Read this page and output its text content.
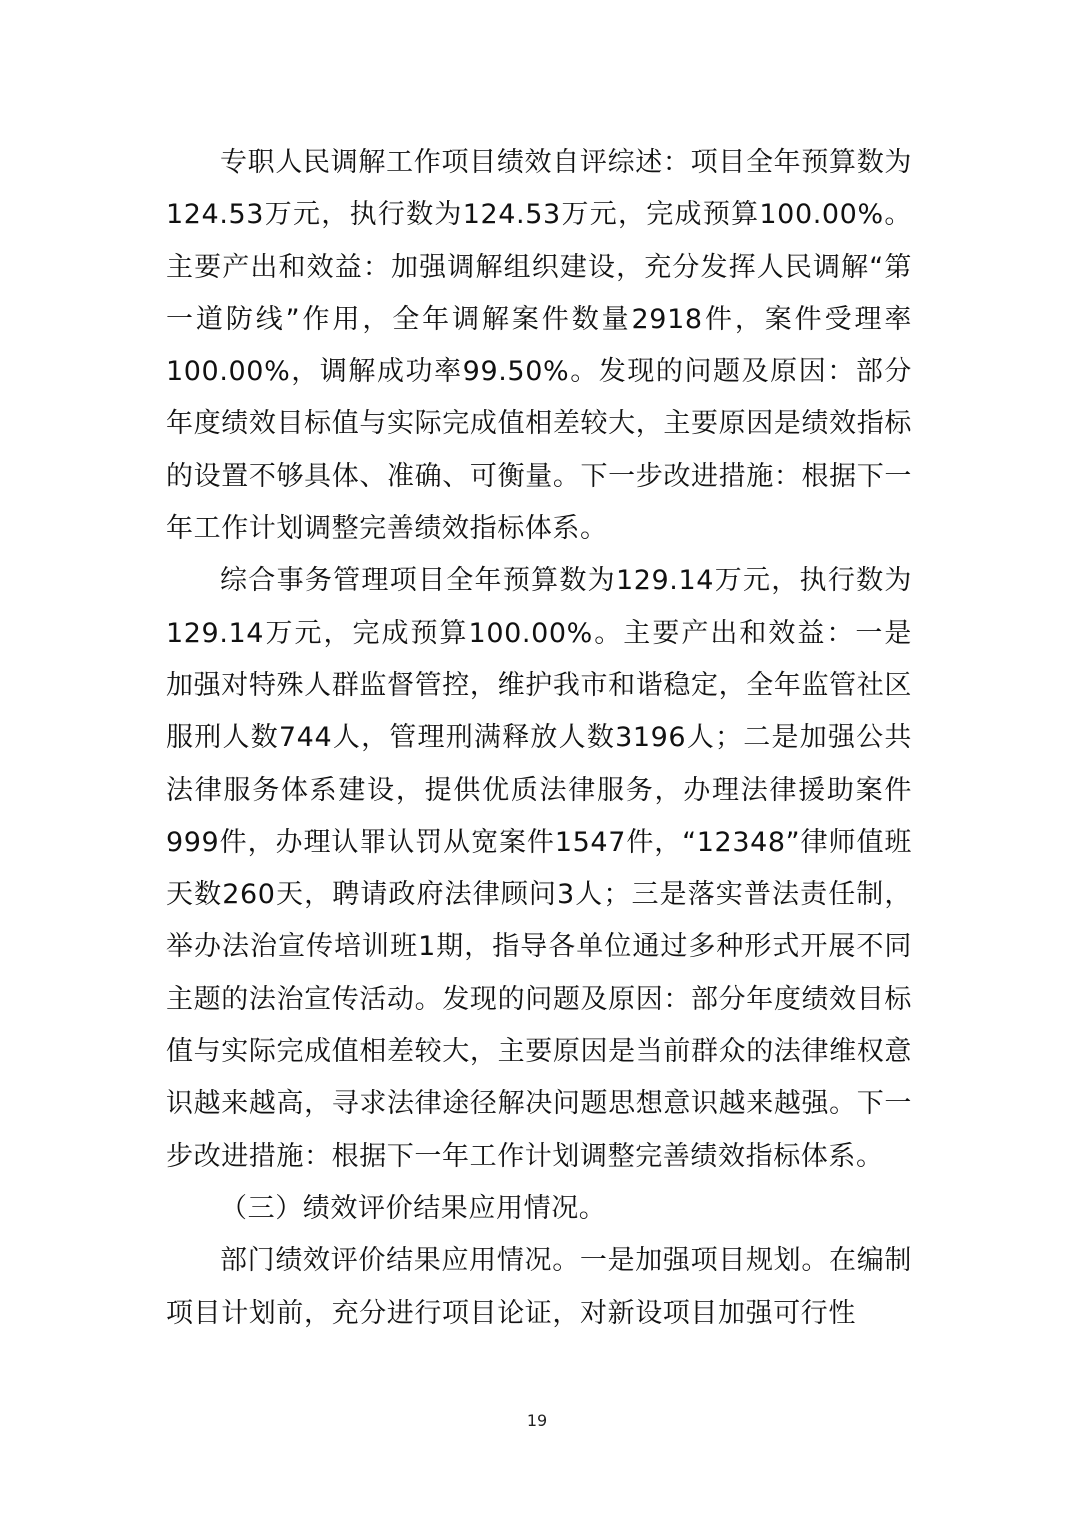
专职人民调解工作项目绩效自评综述：项目全年预算数为124.53万元，执行数为124.53万元，完成预算100.00%。主要产出和效益：加强调解组织建设，充分发挥人民调解“第一道防线”作用，全年调解案件数量2918件，案件受理率100.00%，调解成功率99.50%。发现的问题及原因：部分年度绩效目标值与实际完成值相差较大，主要原因是绩效指标的设置不够具体、准确、可衡量。下一步改进措施：根据下一年工作计划调整完善绩效指标体系。

综合事务管理项目全年预算数为129.14万元，执行数为129.14万元，完成预算100.00%。主要产出和效益：一是加强对特殊人群监督管控，维护我市和谐稳定，全年监管社区服刑人数744人，管理刑满释放人数3196人；二是加强公共法律服务体系建设，提供优质法律服务，办理法律援助案件999件，办理认罪认罚从宽案件1547件，“12348”律师值班天数260天，聘请政府法律顾问3人；三是落实普法责任制，举办法治宣传培训班1期，指导各单位通过多种形式开展不同主题的法治宣传活动。发现的问题及原因：部分年度绩效目标值与实际完成值相差较大，主要原因是当前群众的法律维权意识越来越高，寻求法律途径解决问题思想意识越来越强。下一步改进措施：根据下一年工作计划调整完善绩效指标体系。

（三）绩效评价结果应用情况。

部门绩效评价结果应用情况。一是加强项目规划。在编制项目计划前，充分进行项目论证，对新设项目加强可行性

19
